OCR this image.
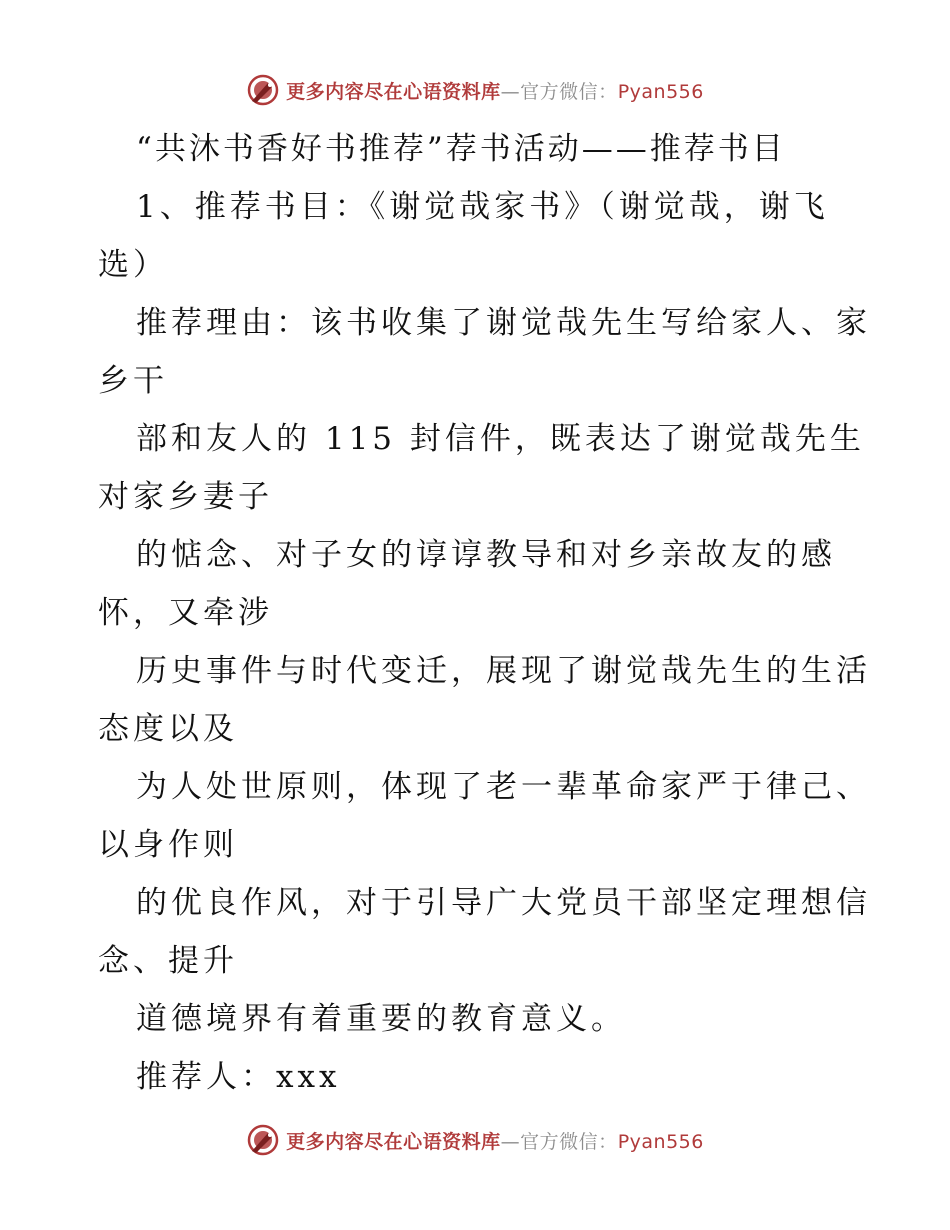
更多内容尽在心语资料库—官方微信：Pyan556
“共沐书香好书推荐”荐书活动——推荐书目
1、推荐书目：《谢觉哉家书》（谢觉哉，谢飞
选）
推荐理由：该书收集了谢觉哉先生写给家人、家
乡干
部和友人的 115 封信件，既表达了谢觉哉先生
对家乡妻子
的惦念、对子女的谆谆教导和对乡亲故友的感
怀，又牵涉
历史事件与时代变迁，展现了谢觉哉先生的生活
态度以及
为人处世原则，体现了老一辈革命家严于律己、
以身作则
的优良作风，对于引导广大党员干部坚定理想信
念、提升
道德境界有着重要的教育意义。
推荐人：xxx
更多内容尽在心语资料库—官方微信：Pyan556
